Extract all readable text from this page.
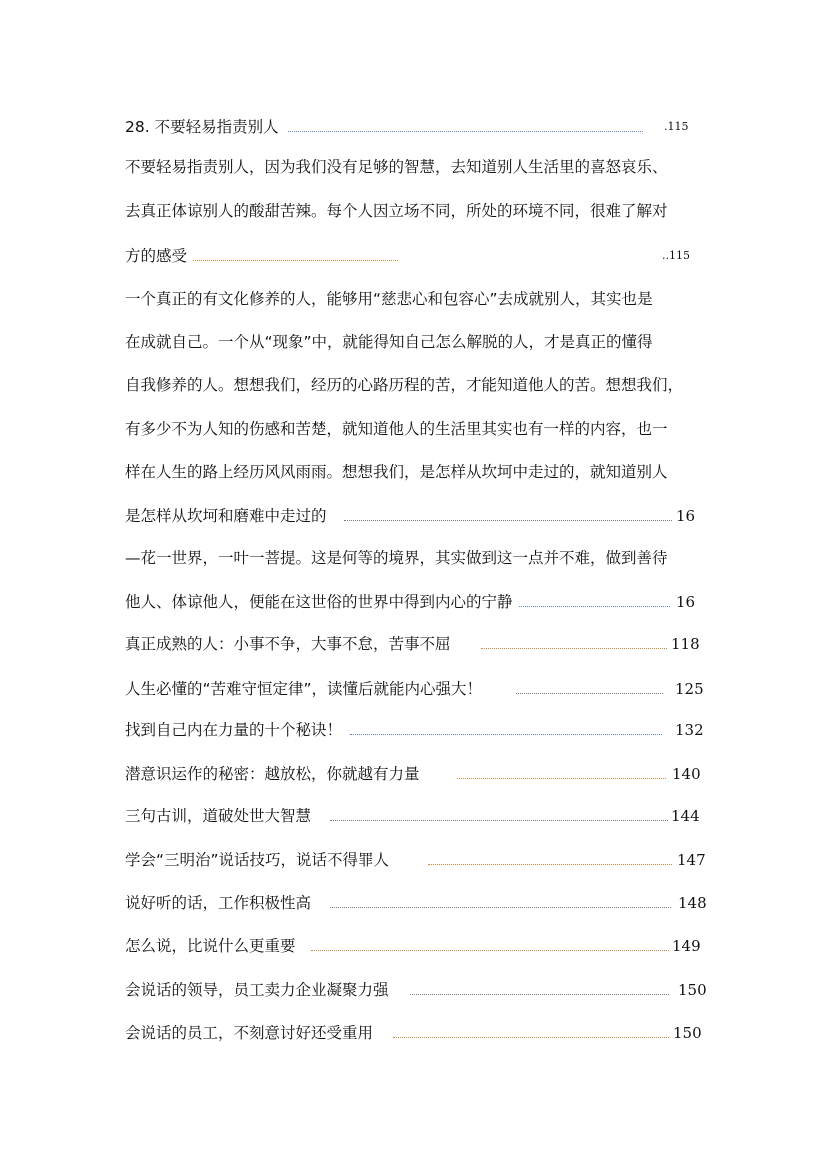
28. 不要轻易指责别人	.115
不要轻易指责别人，因为我们没有足够的智慧，去知道别人生活里的喜怒哀乐、
去真正体谅别人的酸甜苦辣。每个人因立场不同，所处的环境不同，很难了解对
方的感受	..115
一个真正的有文化修养的人，能够用“慈悲心和包容心”去成就别人，其实也是
在成就自己。一个从“现象”中，就能得知自己怎么解脱的人，才是真正的懂得
自我修养的人。想想我们，经历的心路历程的苦，才能知道他人的苦。想想我们，
有多少不为人知的伤感和苦楚，就知道他人的生活里其实也有一样的内容，也一
样在人生的路上经历风风雨雨。想想我们，是怎样从坎坷中走过的，就知道别人
是怎样从坎坷和磨难中走过的	16
—花一世界，一叶一菩提。这是何等的境界，其实做到这一点并不难，做到善待
他人、体谅他人，便能在这世俗的世界中得到内心的宁静	16
真正成熟的人：小事不争，大事不怠，苦事不屈	118
人生必懂的“苦难守恒定律”，读懂后就能内心强大！	125
找到自己内在力量的十个秘诀！	132
潜意识运作的秘密：越放松，你就越有力量	140
三句古训，道破处世大智慧	144
学会“三明治”说话技巧，说话不得罪人	147
说好听的话，工作积极性高	148
怎么说，比说什么更重要	149
会说话的领导，员工卖力企业凝聚力强	150
会说话的员工，不刻意讨好还受重用	150
